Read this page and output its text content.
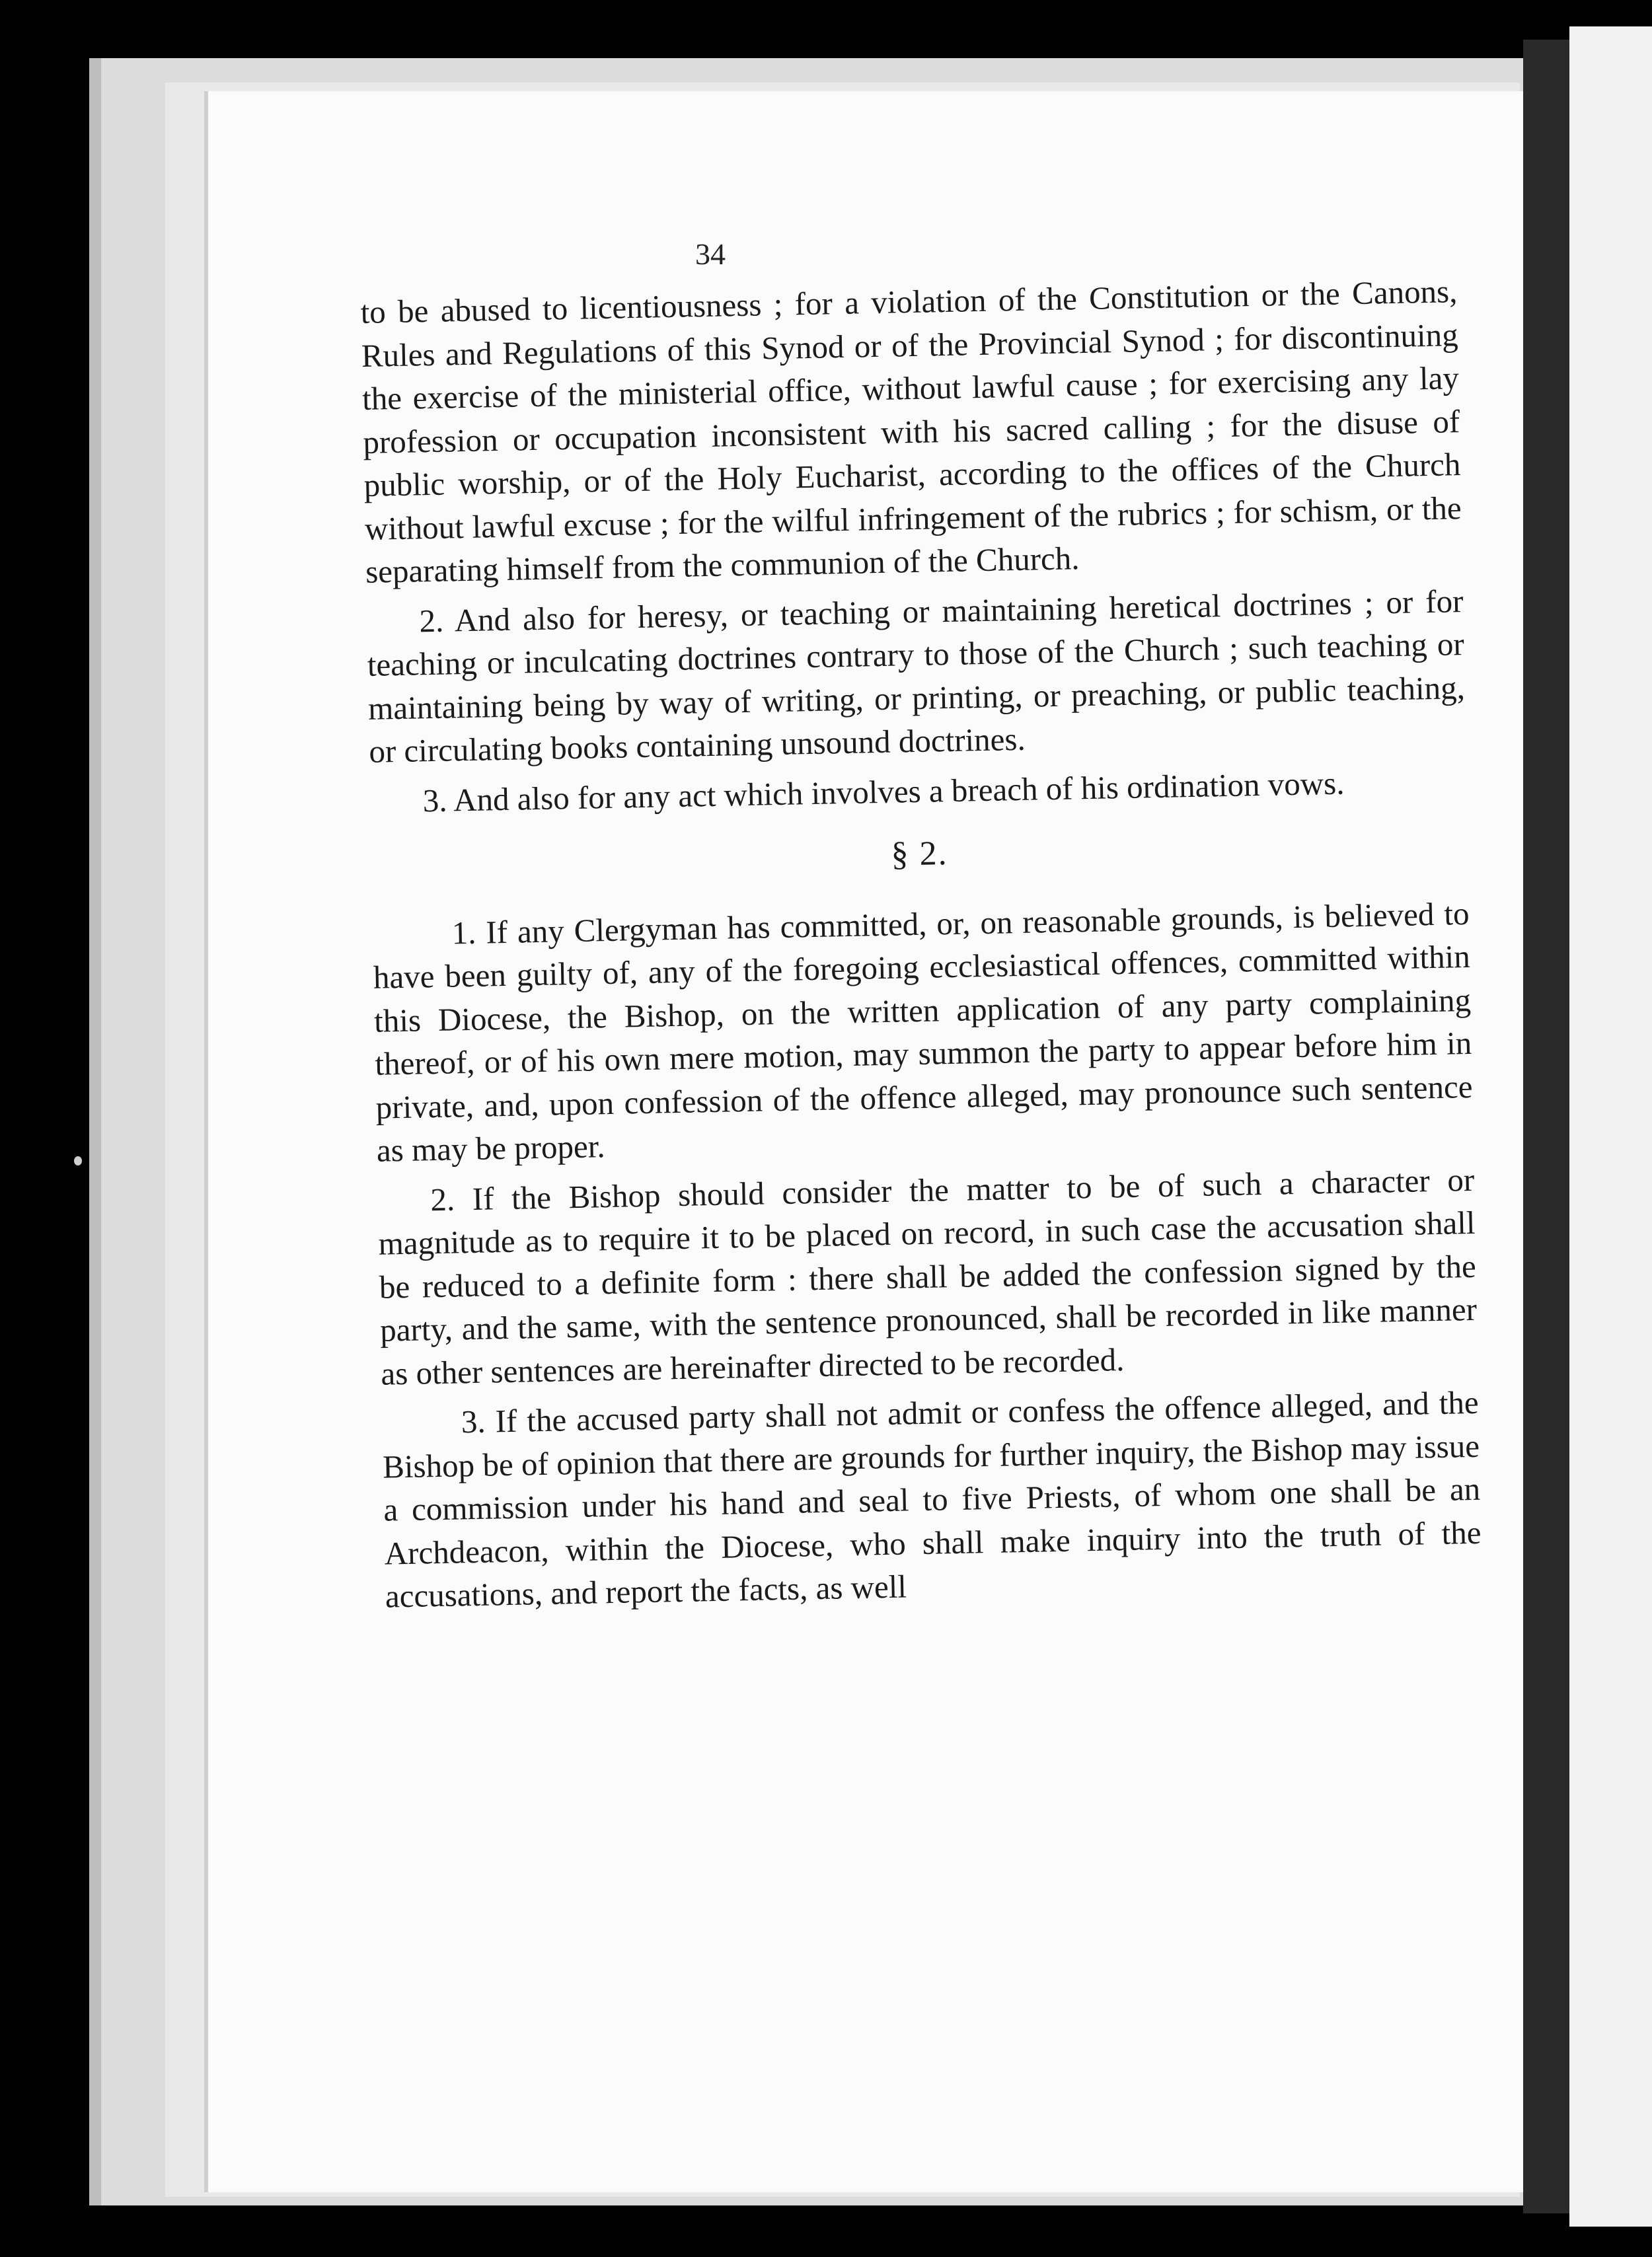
34

to be abused to licentiousness ; for a violation of the Constitution or the Canons, Rules and Regulations of this Synod or of the Provincial Synod ; for discontinuing the exercise of the ministerial office, without lawful cause ; for exercising any lay profession or occupation inconsistent with his sacred calling ; for the disuse of public worship, or of the Holy Eucharist, according to the offices of the Church without lawful excuse ; for the wilful infringement of the rubrics ; for schism, or the separating himself from the communion of the Church.

2. And also for heresy, or teaching or maintaining heretical doctrines ; or for teaching or inculcating doctrines contrary to those of the Church ; such teaching or maintaining being by way of writing, or printing, or preaching, or public teaching, or circulating books containing unsound doctrines.

3. And also for any act which involves a breach of his ordination vows.

§ 2.

1. If any Clergyman has committed, or, on reasonable grounds, is believed to have been guilty of, any of the foregoing ecclesiastical offences, committed within this Diocese, the Bishop, on the written application of any party complaining thereof, or of his own mere motion, may summon the party to appear before him in private, and, upon confession of the offence alleged, may pronounce such sentence as may be proper.

2. If the Bishop should consider the matter to be of such a character or magnitude as to require it to be placed on record, in such case the accusation shall be reduced to a definite form : there shall be added the confession signed by the party, and the same, with the sentence pronounced, shall be recorded in like manner as other sentences are hereinafter directed to be recorded.

3. If the accused party shall not admit or confess the offence alleged, and the Bishop be of opinion that there are grounds for further inquiry, the Bishop may issue a commission under his hand and seal to five Priests, of whom one shall be an Archdeacon, within the Diocese, who shall make inquiry into the truth of the accusations, and report the facts, as well
